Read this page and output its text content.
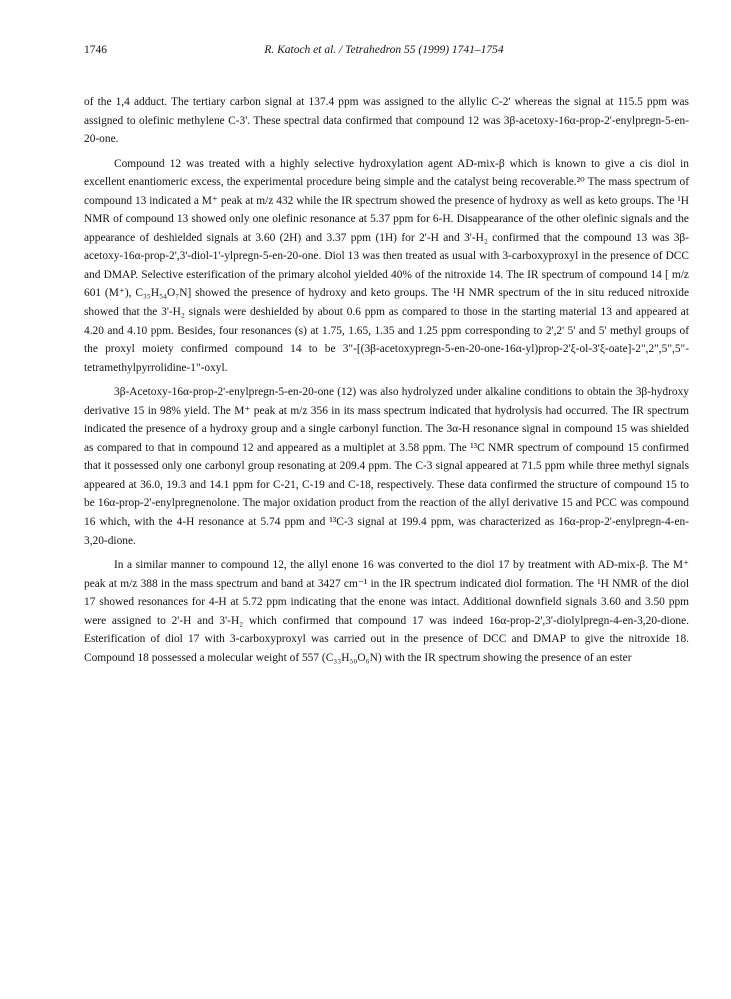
1746	R. Katoch et al. / Tetrahedron 55 (1999) 1741–1754

of the 1,4 adduct. The tertiary carbon signal at 137.4 ppm was assigned to the allylic C-2' whereas the signal at 115.5 ppm was assigned to olefinic methylene C-3'. These spectral data confirmed that compound 12 was 3β-acetoxy-16α-prop-2'-enylpregn-5-en-20-one.

Compound 12 was treated with a highly selective hydroxylation agent AD-mix-β which is known to give a cis diol in excellent enantiomeric excess, the experimental procedure being simple and the catalyst being recoverable.²⁰ The mass spectrum of compound 13 indicated a M⁺ peak at m/z 432 while the IR spectrum showed the presence of hydroxy as well as keto groups. The ¹H NMR of compound 13 showed only one olefinic resonance at 5.37 ppm for 6-H. Disappearance of the other olefinic signals and the appearance of deshielded signals at 3.60 (2H) and 3.37 ppm (1H) for 2'-H and 3'-H₂ confirmed that the compound 13 was 3β-acetoxy-16α-prop-2',3'-diol-1'-ylpregn-5-en-20-one. Diol 13 was then treated as usual with 3-carboxyproxyl in the presence of DCC and DMAP. Selective esterification of the primary alcohol yielded 40% of the nitroxide 14. The IR spectrum of compound 14 [ m/z 601 (M⁺), C₃₅H₅₄O₇N] showed the presence of hydroxy and keto groups. The ¹H NMR spectrum of the in situ reduced nitroxide showed that the 3'-H₂ signals were deshielded by about 0.6 ppm as compared to those in the starting material 13 and appeared at 4.20 and 4.10 ppm. Besides, four resonances (s) at 1.75, 1.65, 1.35 and 1.25 ppm corresponding to 2',2' 5' and 5' methyl groups of the proxyl moiety confirmed compound 14 to be 3"-[(3β-acetoxypregn-5-en-20-one-16α-yl)prop-2'ξ-ol-3'ξ-oate]-2",2",5",5"-tetramethylpyrrolidine-1"-oxyl.

3β-Acetoxy-16α-prop-2'-enylpregn-5-en-20-one (12) was also hydrolyzed under alkaline conditions to obtain the 3β-hydroxy derivative 15 in 98% yield. The M⁺ peak at m/z 356 in its mass spectrum indicated that hydrolysis had occurred. The IR spectrum indicated the presence of a hydroxy group and a single carbonyl function. The 3α-H resonance signal in compound 15 was shielded as compared to that in compound 12 and appeared as a multiplet at 3.58 ppm. The ¹³C NMR spectrum of compound 15 confirmed that it possessed only one carbonyl group resonating at 209.4 ppm. The C-3 signal appeared at 71.5 ppm while three methyl signals appeared at 36.0, 19.3 and 14.1 ppm for C-21, C-19 and C-18, respectively. These data confirmed the structure of compound 15 to be 16α-prop-2'-enylpregnenolone. The major oxidation product from the reaction of the allyl derivative 15 and PCC was compound 16 which, with the 4-H resonance at 5.74 ppm and ¹³C-3 signal at 199.4 ppm, was characterized as 16α-prop-2'-enylpregn-4-en-3,20-dione.

In a similar manner to compound 12, the allyl enone 16 was converted to the diol 17 by treatment with AD-mix-β. The M⁺ peak at m/z 388 in the mass spectrum and band at 3427 cm⁻¹ in the IR spectrum indicated diol formation. The ¹H NMR of the diol 17 showed resonances for 4-H at 5.72 ppm indicating that the enone was intact. Additional downfield signals 3.60 and 3.50 ppm were assigned to 2'-H and 3'-H₂ which confirmed that compound 17 was indeed 16α-prop-2',3'-diolylpregn-4-en-3,20-dione. Esterification of diol 17 with 3-carboxyproxyl was carried out in the presence of DCC and DMAP to give the nitroxide 18. Compound 18 possessed a molecular weight of 557 (C₃₃H₅₀O₆N) with the IR spectrum showing the presence of an ester
